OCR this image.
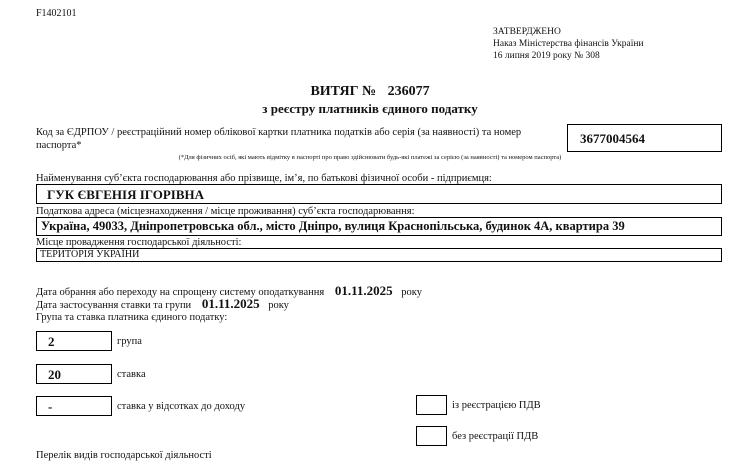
F1402101
ЗАТВЕРДЖЕНО
Наказ Міністерства фінансів України
16 липня 2019 року № 308
ВИТЯГ № 236077
з реєстру платників єдиного податку
Код за ЄДРПОУ / реєстраційний номер облікової картки платника податків або серія (за наявності) та номер паспорта*	3677004564
(*Для фізичних осіб, які мають відмітку в паспорті про право здійснювати будь-які платежі за серією (за наявності) та номером паспорта)
Найменування суб’єкта господарювання або прізвище, ім’я, по батькові фізичної особи - підприємця:
ГУК ЄВГЕНІЯ ІГОРІВНА
Податкова адреса (місцезнаходження / місце проживання) суб’єкта господарювання:
Україна, 49033, Дніпропетровська обл., місто Дніпро, вулиця Краснопільська, будинок 4А, квартира 39
Місце провадження господарської діяльності:
ТЕРИТОРІЯ УКРАЇНИ
Дата обрання або переходу на спрощену систему оподаткування 01.11.2025 року
Дата застосування ставки та групи 01.11.2025 року
Група та ставка платника єдиного податку:
2	група
20	ставка
-	ставка у відсотках до доходу	із реєстрацією ПДВ
без реєстрації ПДВ
Перелік видів господарської діяльності
